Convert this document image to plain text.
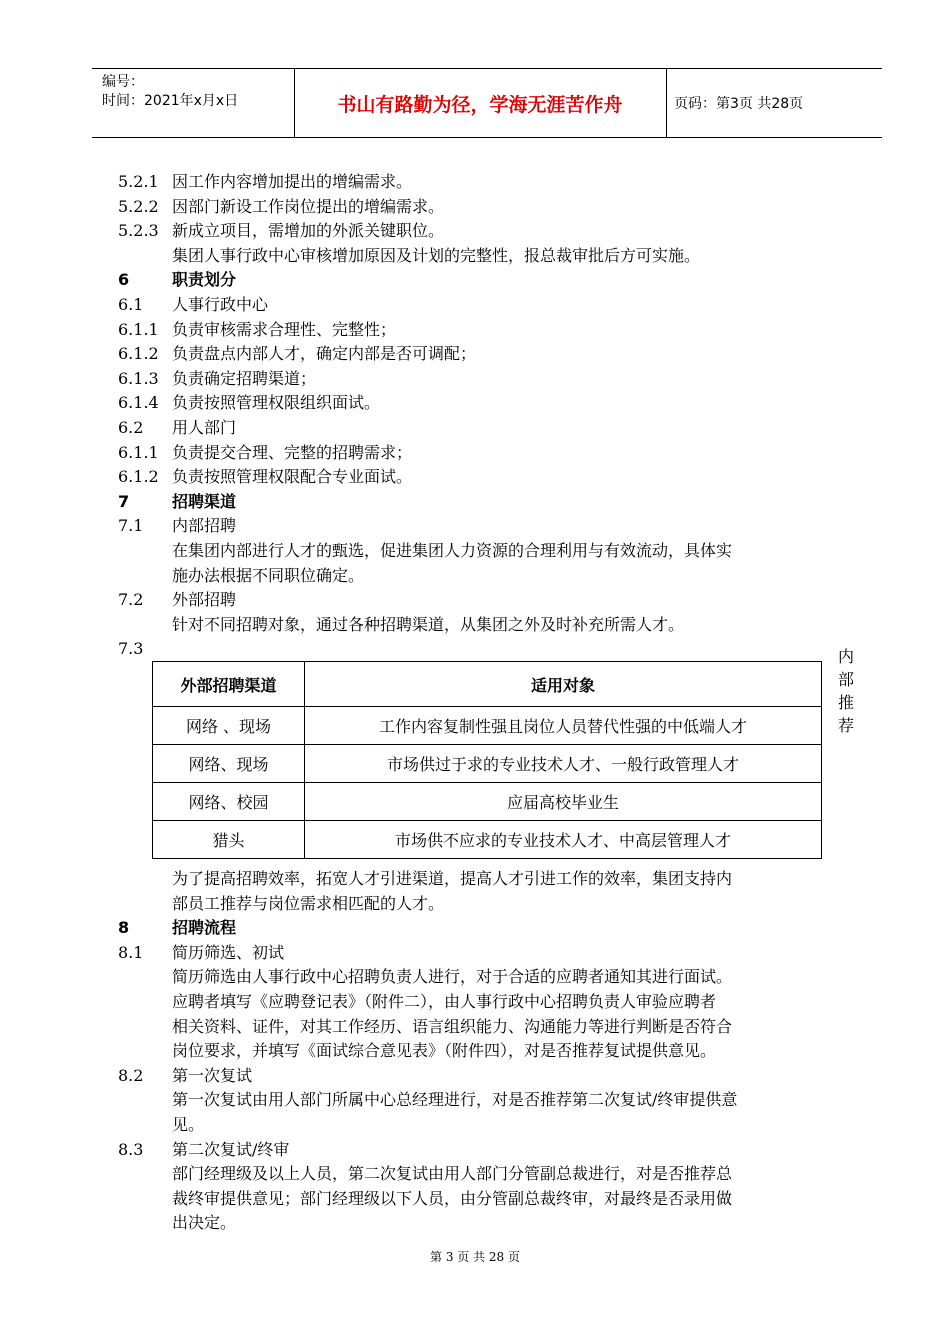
编号：
时间：2021年x月x日	书山有路勤为径，学海无涯苦作舟	页码：第3页 共28页
5.2.1 因工作内容增加提出的增编需求。
5.2.2 因部门新设工作岗位提出的增编需求。
5.2.3 新成立项目，需增加的外派关键职位。
集团人事行政中心审核增加原因及计划的完整性，报总裁审批后方可实施。
6	职责划分
6.1 人事行政中心
6.1.1 负责审核需求合理性、完整性；
6.1.2 负责盘点内部人才，确定内部是否可调配；
6.1.3 负责确定招聘渠道；
6.1.4 负责按照管理权限组织面试。
6.2 用人部门
6.1.1 负责提交合理、完整的招聘需求；
6.1.2 负责按照管理权限配合专业面试。
7	招聘渠道
7.1 内部招聘
在集团内部进行人才的甄选，促进集团人力资源的合理利用与有效流动，具体实
施办法根据不同职位确定。
7.2 外部招聘
针对不同招聘对象，通过各种招聘渠道，从集团之外及时补充所需人才。
7.3
外部招聘渠道	适用对象
网络 、现场	工作内容复制性强且岗位人员替代性强的中低端人才
网络、现场	市场供过于求的专业技术人才、一般行政管理人才
网络、校园	应届高校毕业生
猎头	市场供不应求的专业技术人才、中高层管理人才
内
部
推
荐
为了提高招聘效率，拓宽人才引进渠道，提高人才引进工作的效率，集团支持内
部员工推荐与岗位需求相匹配的人才。
8	招聘流程
8.1 简历筛选、初试
简历筛选由人事行政中心招聘负责人进行，对于合适的应聘者通知其进行面试。
应聘者填写《应聘登记表》（附件二），由人事行政中心招聘负责人审验应聘者
相关资料、证件，对其工作经历、语言组织能力、沟通能力等进行判断是否符合
岗位要求，并填写《面试综合意见表》（附件四），对是否推荐复试提供意见。
8.2 第一次复试
第一次复试由用人部门所属中心总经理进行，对是否推荐第二次复试/终审提供意
见。
8.3 第二次复试/终审
部门经理级及以上人员，第二次复试由用人部门分管副总裁进行，对是否推荐总
裁终审提供意见；部门经理级以下人员，由分管副总裁终审，对最终是否录用做
出决定。
第 3 页 共 28 页
